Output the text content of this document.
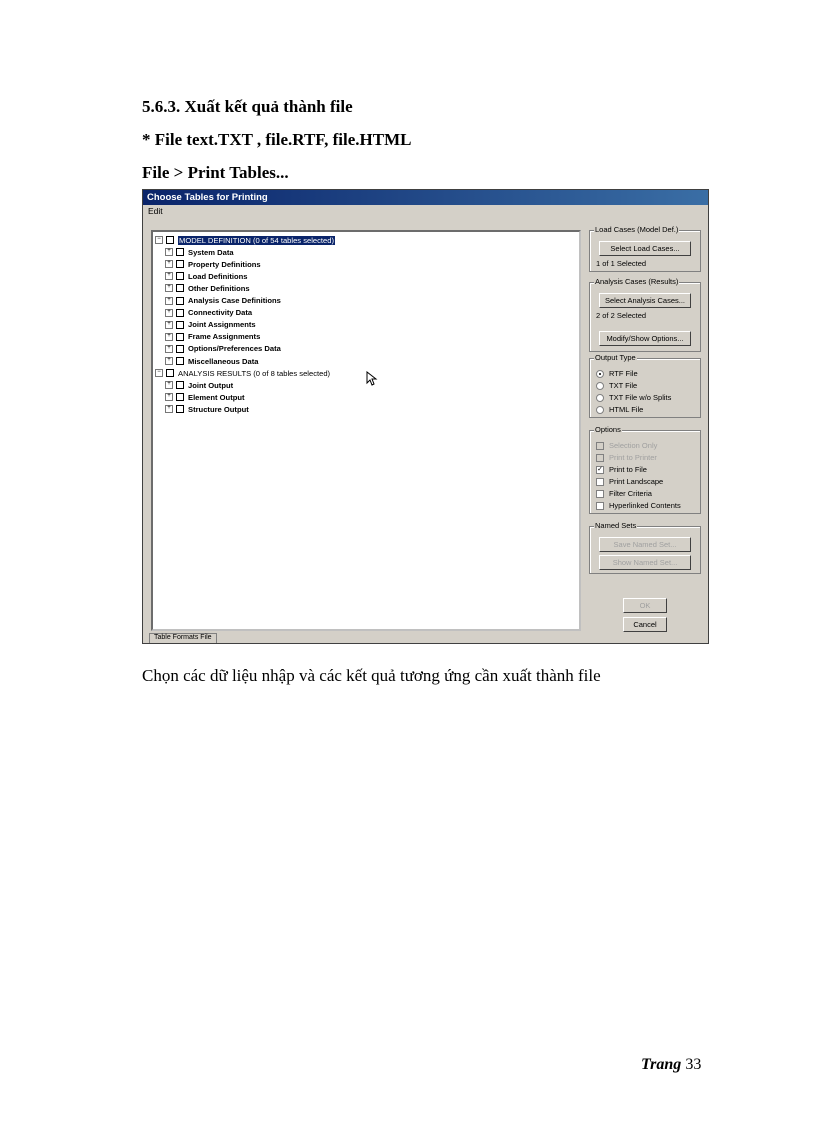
5.6.3. Xuất kết quả thành file
* File text.TXT , file.RTF, file.HTML
File > Print Tables...
Choose Tables for Printing
Edit
− MODEL DEFINITION (0 of 54 tables selected)
+ System Data
+ Property Definitions
+ Load Definitions
+ Other Definitions
+ Analysis Case Definitions
+ Connectivity Data
+ Joint Assignments
+ Frame Assignments
+ Options/Preferences Data
+ Miscellaneous Data
− ANALYSIS RESULTS (0 of 8 tables selected)
+ Joint Output
+ Element Output
+ Structure Output
Load Cases (Model Def.)
Select Load Cases...
1 of 1 Selected
Analysis Cases (Results)
Select Analysis Cases...
2 of 2 Selected
Modify/Show Options...
Output Type
RTF File
TXT File
TXT File w/o Splits
HTML File
Options
Selection Only
Print to Printer
✓ Print to File
Print Landscape
Filter Criteria
Hyperlinked Contents
Named Sets
Save Named Set...
Show Named Set...
OK
Cancel
Table Formats File
Chọn các dữ liệu nhập và các kết quả tương ứng cần xuất thành file
Trang 33
